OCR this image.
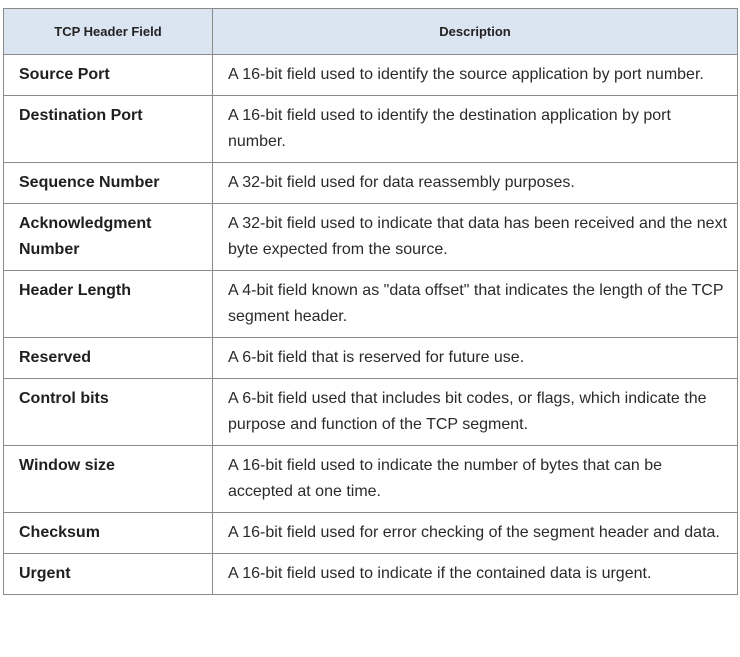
TCP Header Field	Description
Source Port	A 16-bit field used to identify the source application by port number.
Destination Port	A 16-bit field used to identify the destination application by port number.
Sequence Number	A 32-bit field used for data reassembly purposes.
Acknowledgment Number	A 32-bit field used to indicate that data has been received and the next byte expected from the source.
Header Length	A 4-bit field known as "data offset" that indicates the length of the TCP segment header.
Reserved	A 6-bit field that is reserved for future use.
Control bits	A 6-bit field used that includes bit codes, or flags, which indicate the purpose and function of the TCP segment.
Window size	A 16-bit field used to indicate the number of bytes that can be accepted at one time.
Checksum	A 16-bit field used for error checking of the segment header and data.
Urgent	A 16-bit field used to indicate if the contained data is urgent.
